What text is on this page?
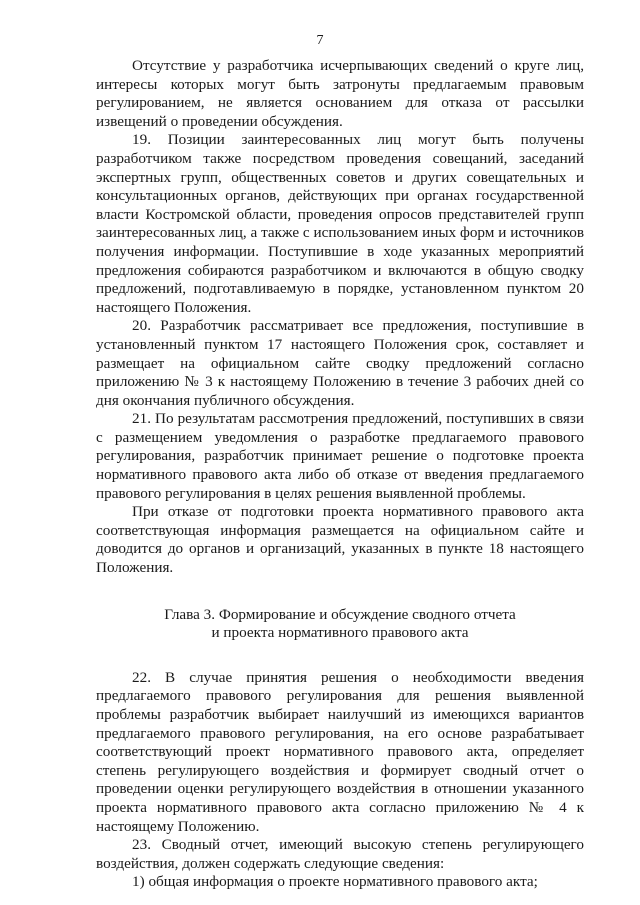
7

Отсутствие у разработчика исчерпывающих сведений о круге лиц, интересы которых могут быть затронуты предлагаемым правовым регулированием, не является основанием для отказа от рассылки извещений о проведении обсуждения.

19. Позиции заинтересованных лиц могут быть получены разработчиком также посредством проведения совещаний, заседаний экспертных групп, общественных советов и других совещательных и консультационных органов, действующих при органах государственной власти Костромской области, проведения опросов представителей групп заинтересованных лиц, а также с использованием иных форм и источников получения информации. Поступившие в ходе указанных мероприятий предложения собираются разработчиком и включаются в общую сводку предложений, подготавливаемую в порядке, установленном пунктом 20 настоящего Положения.

20. Разработчик рассматривает все предложения, поступившие в установленный пунктом 17 настоящего Положения срок, составляет и размещает на официальном сайте сводку предложений согласно приложению № 3 к настоящему Положению в течение 3 рабочих дней со дня окончания публичного обсуждения.

21. По результатам рассмотрения предложений, поступивших в связи с размещением уведомления о разработке предлагаемого правового регулирования, разработчик принимает решение о подготовке проекта нормативного правового акта либо об отказе от введения предлагаемого правового регулирования в целях решения выявленной проблемы.

При отказе от подготовки проекта нормативного правового акта соответствующая информация размещается на официальном сайте и доводится до органов и организаций, указанных в пункте 18 настоящего Положения.

Глава 3. Формирование и обсуждение сводного отчета
и проекта нормативного правового акта

22. В случае принятия решения о необходимости введения предлагаемого правового регулирования для решения выявленной проблемы разработчик выбирает наилучший из имеющихся вариантов предлагаемого правового регулирования, на его основе разрабатывает соответствующий проект нормативного правового акта, определяет степень регулирующего воздействия и формирует сводный отчет о проведении оценки регулирующего воздействия в отношении указанного проекта нормативного правового акта согласно приложению № 4 к настоящему Положению.

23. Сводный отчет, имеющий высокую степень регулирующего воздействия, должен содержать следующие сведения:

1) общая информация о проекте нормативного правового акта;
